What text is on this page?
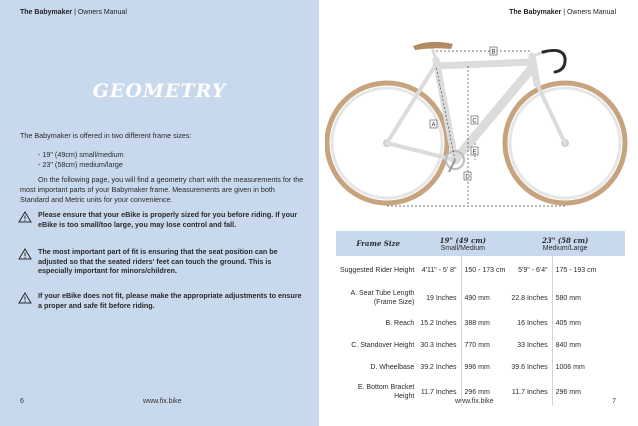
The Babymaker | Owners Manual
GEOMETRY

The Babymaker is offered in two different frame sizes:

- 19" (49cm) small/medium
- 23" (58cm) medium/large

On the following page, you will find a geometry chart with the measurements for the most important parts of your Babymaker frame. Measurements are given in both Standard and Metric units for your convenience.

Please ensure that your eBike is properly sized for you before riding. If your eBike is too small/too large, you may lose control and fall.
The most important part of fit is ensuring that the seat position can be adjusted so that the seated riders' feet can touch the ground. This is especially important for minors/children.
If your eBike does not fit, please make the appropriate adjustments to ensure a proper and safe fit before riding.
6	www.fix.bike
The Babymaker | Owners Manual
www.fix.bike	7
A
B
C
D
E
Frame Size	19" (49 cm)		23" (58 cm)	
	Small/Medium		Medium/Large	
Suggested Rider Height	4'11" - 5' 8"	150 - 173 cm	5'9" - 6'4"	175 - 193 cm
A. Seat Tube Length (Frame Size)	19 Inches	490 mm	22.8 Inches	580 mm
B. Reach	15.2 Inches	388 mm	16 Inches	405 mm
C. Standover Height	30.3 Inches	770 mm	33 Inches	840 mm
D. Wheelbase	39.2 Inches	996 mm	39.6 Inches	1006 mm
E. Bottom Bracket Height	11.7 Inches	296 mm	11.7 Inches	296 mm
